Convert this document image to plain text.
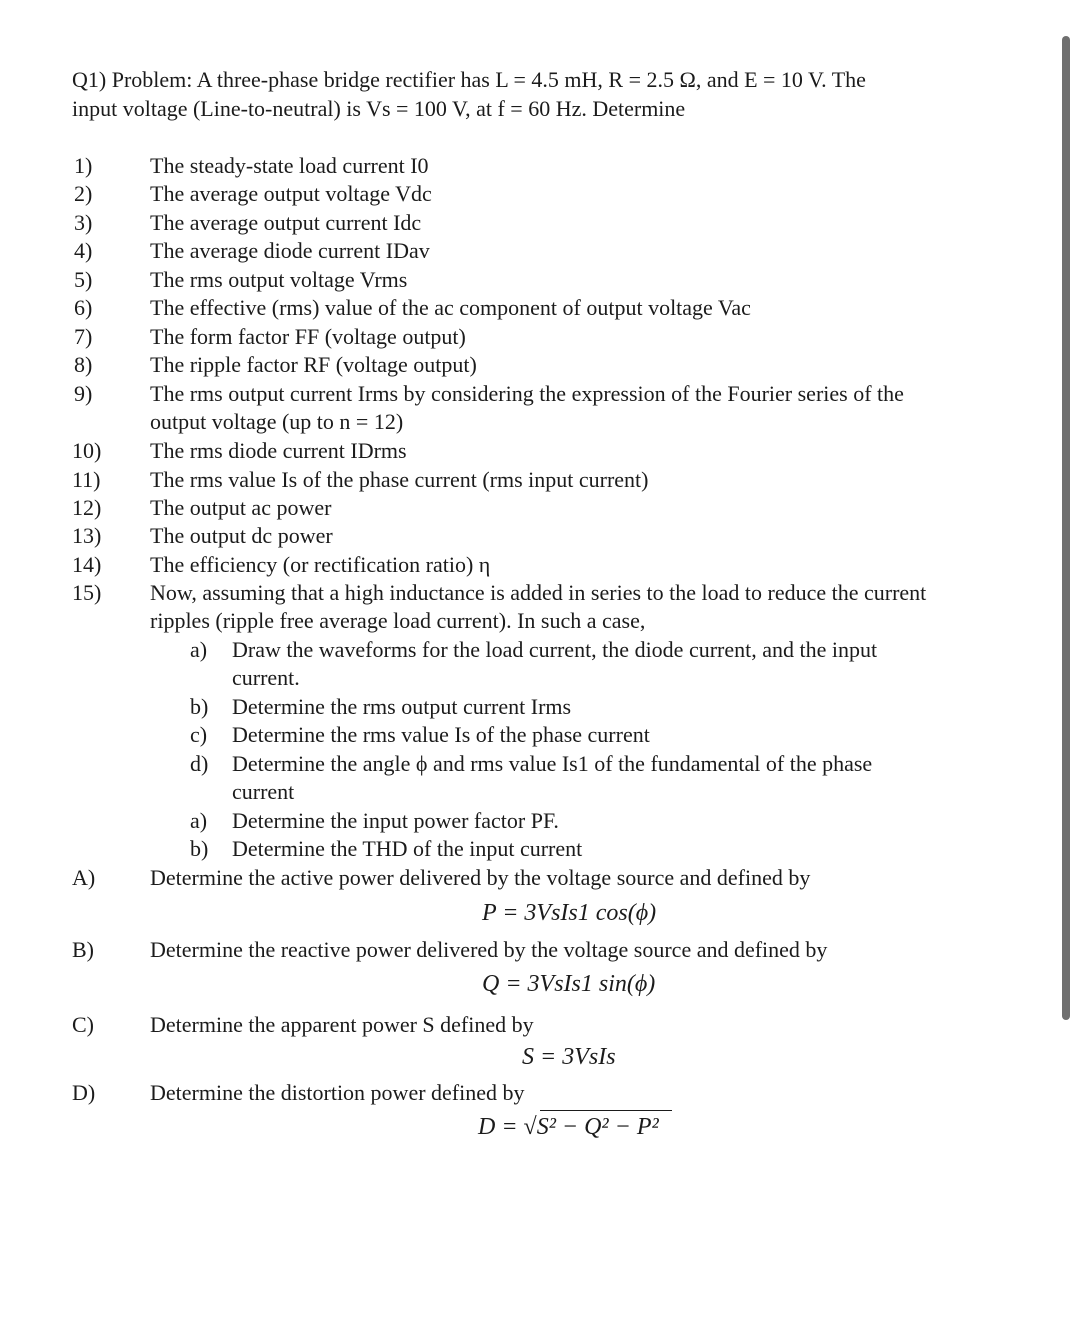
Q1) Problem: A three-phase bridge rectifier has L = 4.5 mH, R = 2.5 Ω, and E = 10 V. The
input voltage (Line-to-neutral) is Vs = 100 V, at f = 60 Hz. Determine
1)	The steady-state load current I0
2)	The average output voltage Vdc
3)	The average output current Idc
4)	The average diode current IDav
5)	The rms output voltage Vrms
6)	The effective (rms) value of the ac component of output voltage Vac
7)	The form factor FF (voltage output)
8)	The ripple factor RF (voltage output)
9)	The rms output current Irms by considering the expression of the Fourier series of the
output voltage (up to n = 12)
10) The rms diode current IDrms
11) The rms value Is of the phase current (rms input current)
12) The output ac power
13) The output dc power
14) The efficiency (or rectification ratio) η
15) Now, assuming that a high inductance is added in series to the load to reduce the current
ripples (ripple free average load current). In such a case,
a) Draw the waveforms for the load current, the diode current, and the input
current.
b) Determine the rms output current Irms
c) Determine the rms value Is of the phase current
d) Determine the angle ϕ and rms value Is1 of the fundamental of the phase
current
a) Determine the input power factor PF.
b) Determine the THD of the input current
A) Determine the active power delivered by the voltage source and defined by
P = 3VsIs1 cos(ϕ)
B)	Determine the reactive power delivered by the voltage source and defined by
Q = 3VsIs1 sin(ϕ)
C)	Determine the apparent power S defined by
S = 3VsIs
D) Determine the distortion power defined by
D = √S² − Q² − P²
